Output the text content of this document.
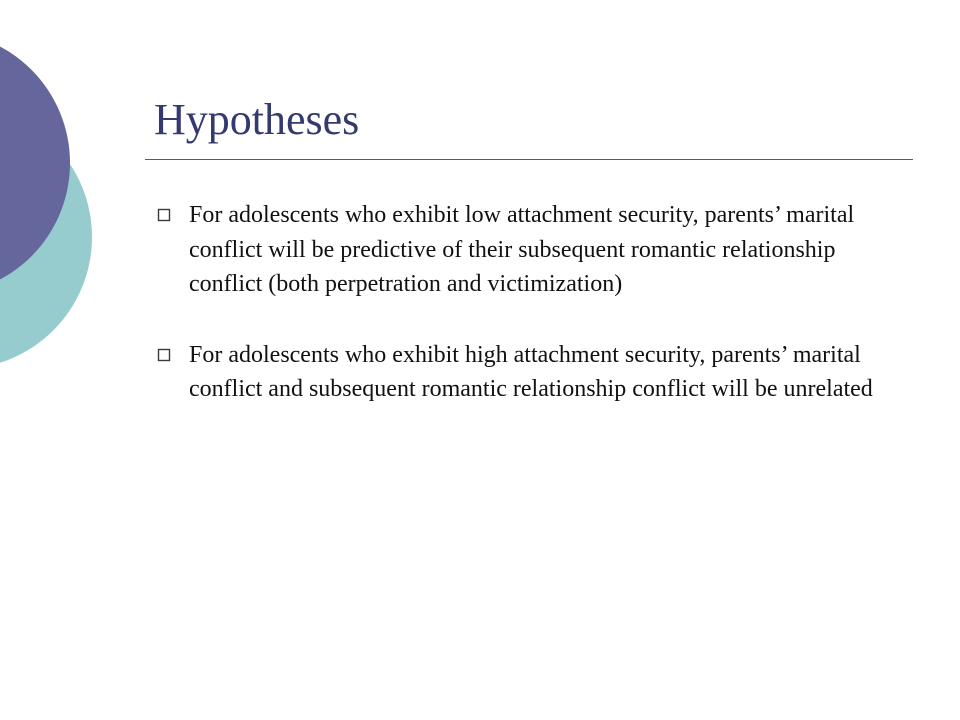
Hypotheses
For adolescents who exhibit low attachment security, parents’ marital conflict will be predictive of their subsequent romantic relationship conflict (both perpetration and victimization)
For adolescents who exhibit high attachment security, parents’ marital conflict and subsequent romantic relationship conflict will be unrelated
